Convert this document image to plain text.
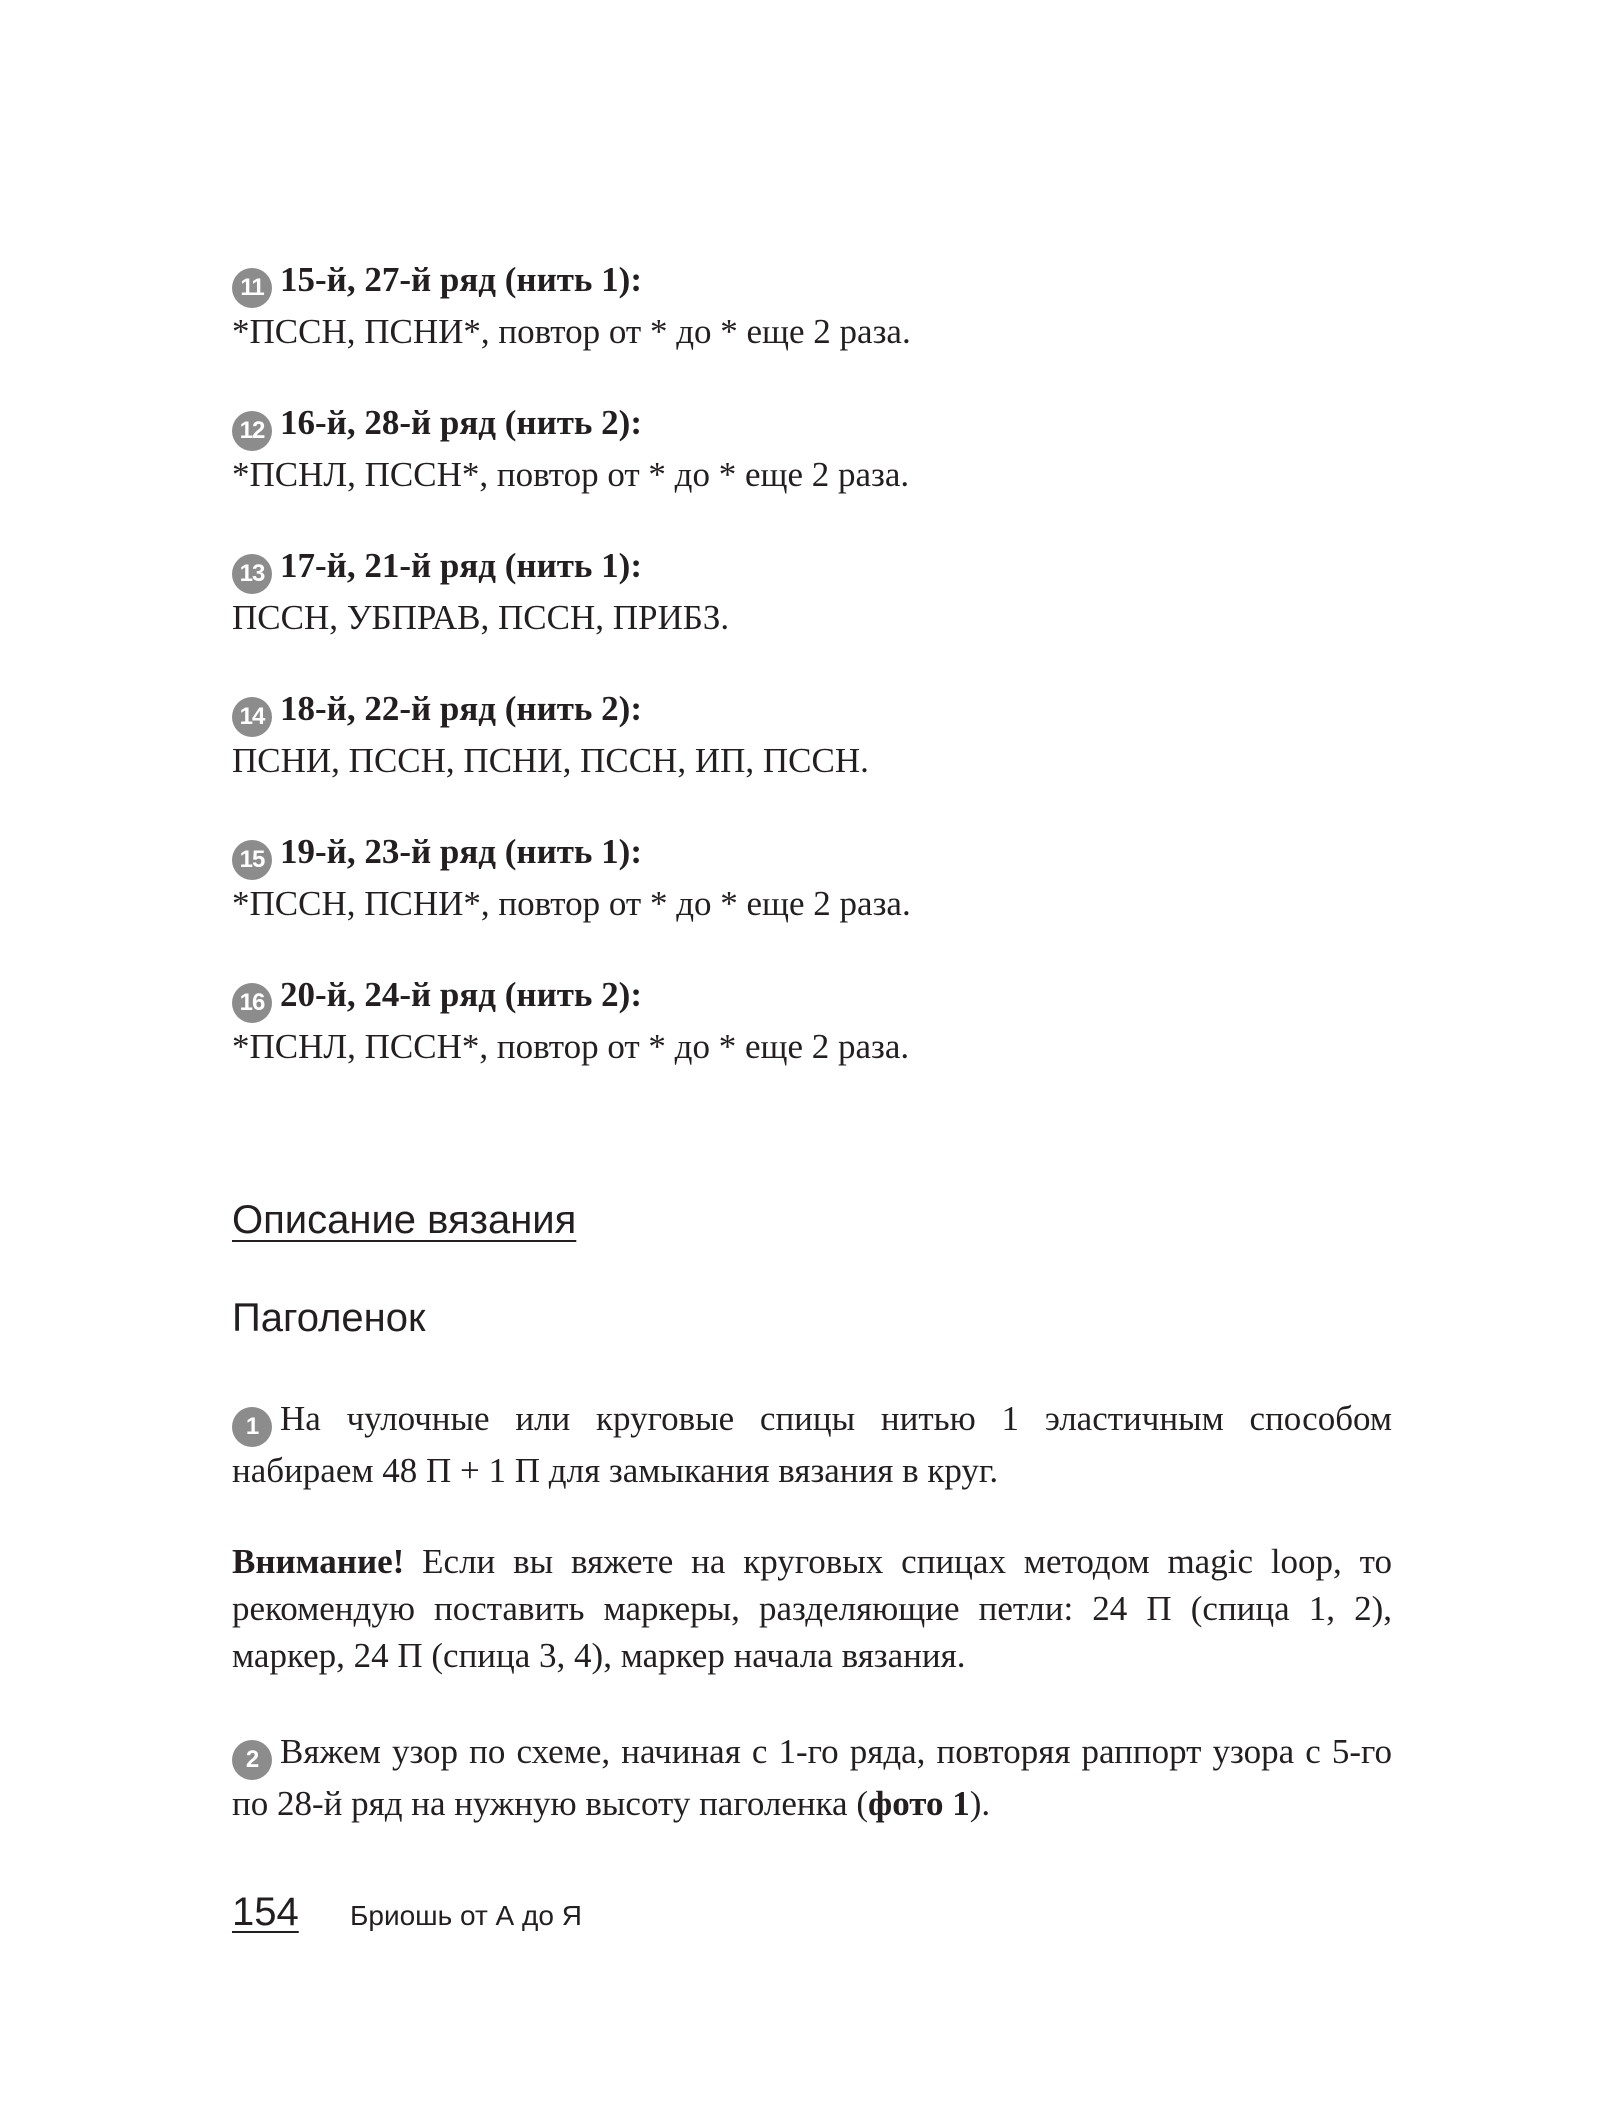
11 15-й, 27-й ряд (нить 1):
*ПССН, ПСНИ*, повтор от * до * еще 2 раза.
12 16-й, 28-й ряд (нить 2):
*ПСНЛ, ПССН*, повтор от * до * еще 2 раза.
13 17-й, 21-й ряд (нить 1):
ПССН, УБПРАВ, ПССН, ПРИБЗ.
14 18-й, 22-й ряд (нить 2):
ПСНИ, ПССН, ПСНИ, ПССН, ИП, ПССН.
15 19-й, 23-й ряд (нить 1):
*ПССН, ПСНИ*, повтор от * до * еще 2 раза.
16 20-й, 24-й ряд (нить 2):
*ПСНЛ, ПССН*, повтор от * до * еще 2 раза.
Описание вязания
Паголенок
1 На чулочные или круговые спицы нитью 1 эластичным способом набираем 48 П + 1 П для замыкания вязания в круг.
Внимание! Если вы вяжете на круговых спицах методом magic loop, то рекомендую поставить маркеры, разделяющие петли: 24 П (спица 1, 2), маркер, 24 П (спица 3, 4), маркер начала вязания.
2 Вяжем узор по схеме, начиная с 1-го ряда, повторяя раппорт узора с 5-го по 28-й ряд на нужную высоту паголенка (фото 1).
154 Бриошь от А до Я
